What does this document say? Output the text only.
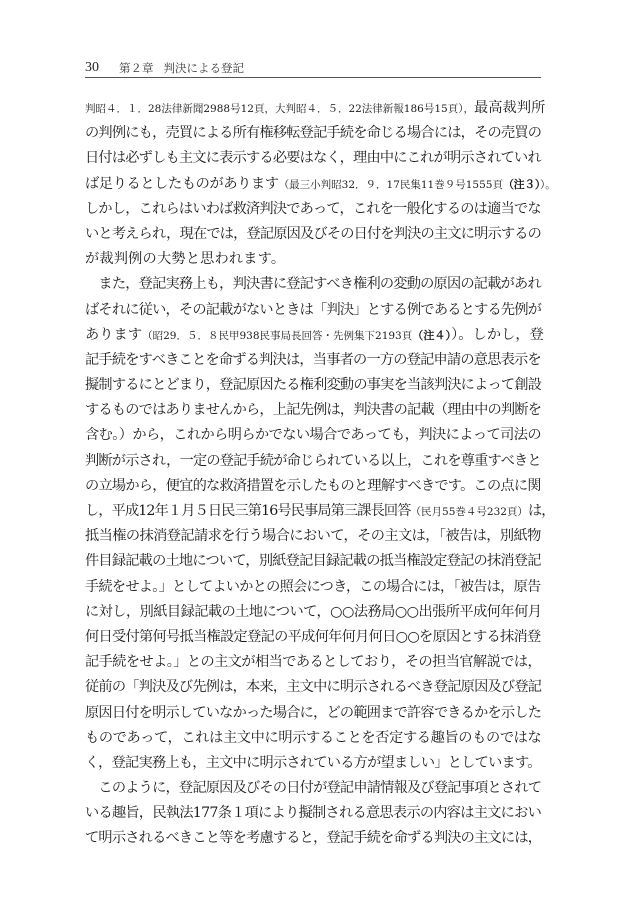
30 第２章 判決による登記
判昭４．１．28法律新聞2988号12頁，大判昭４．５．22法律新報186号15頁），最高裁判所
の判例にも，売買による所有権移転登記手続を命じる場合には，その売買の
日付は必ずしも主文に表示する必要はなく，理由中にこれが明示されていれ
ば足りるとしたものがあります（最三小判昭32．９．17民集11巻９号1555頁（注３））。
しかし，これらはいわば救済判決であって，これを一般化するのは適当でな
いと考えられ，現在では，登記原因及びその日付を判決の主文に明示するの
が裁判例の大勢と思われます。
　また，登記実務上も，判決書に登記すべき権利の変動の原因の記載があれ
ばそれに従い，その記載がないときは「判決」とする例であるとする先例が
あります（昭29．５．８民甲938民事局長回答・先例集下2193頁（注４））。しかし，登
記手続をすべきことを命ずる判決は，当事者の一方の登記申請の意思表示を
擬制するにとどまり，登記原因たる権利変動の事実を当該判決によって創設
するものではありませんから，上記先例は，判決書の記載（理由中の判断を
含む。）から，これから明らかでない場合であっても，判決によって司法の
判断が示され，一定の登記手続が命じられている以上，これを尊重すべきと
の立場から，便宜的な救済措置を示したものと理解すべきです。この点に関
し，平成12年１月５日民三第16号民事局第三課長回答（民月55巻４号232頁）は，
抵当権の抹消登記請求を行う場合において，その主文は，「被告は，別紙物
件目録記載の土地について，別紙登記目録記載の抵当権設定登記の抹消登記
手続をせよ。」としてよいかとの照会につき，この場合には，「被告は，原告
に対し，別紙目録記載の土地について，○○法務局○○出張所平成何年何月
何日受付第何号抵当権設定登記の平成何年何月何日○○を原因とする抹消登
記手続をせよ。」との主文が相当であるとしており，その担当官解説では，
従前の「判決及び先例は，本来，主文中に明示されるべき登記原因及び登記
原因日付を明示していなかった場合に，どの範囲まで許容できるかを示した
ものであって，これは主文中に明示することを否定する趣旨のものではな
く，登記実務上も，主文中に明示されている方が望ましい」としています。
　このように，登記原因及びその日付が登記申請情報及び登記事項とされて
いる趣旨，民執法177条１項により擬制される意思表示の内容は主文におい
て明示されるべきこと等を考慮すると，登記手続を命ずる判決の主文には，
